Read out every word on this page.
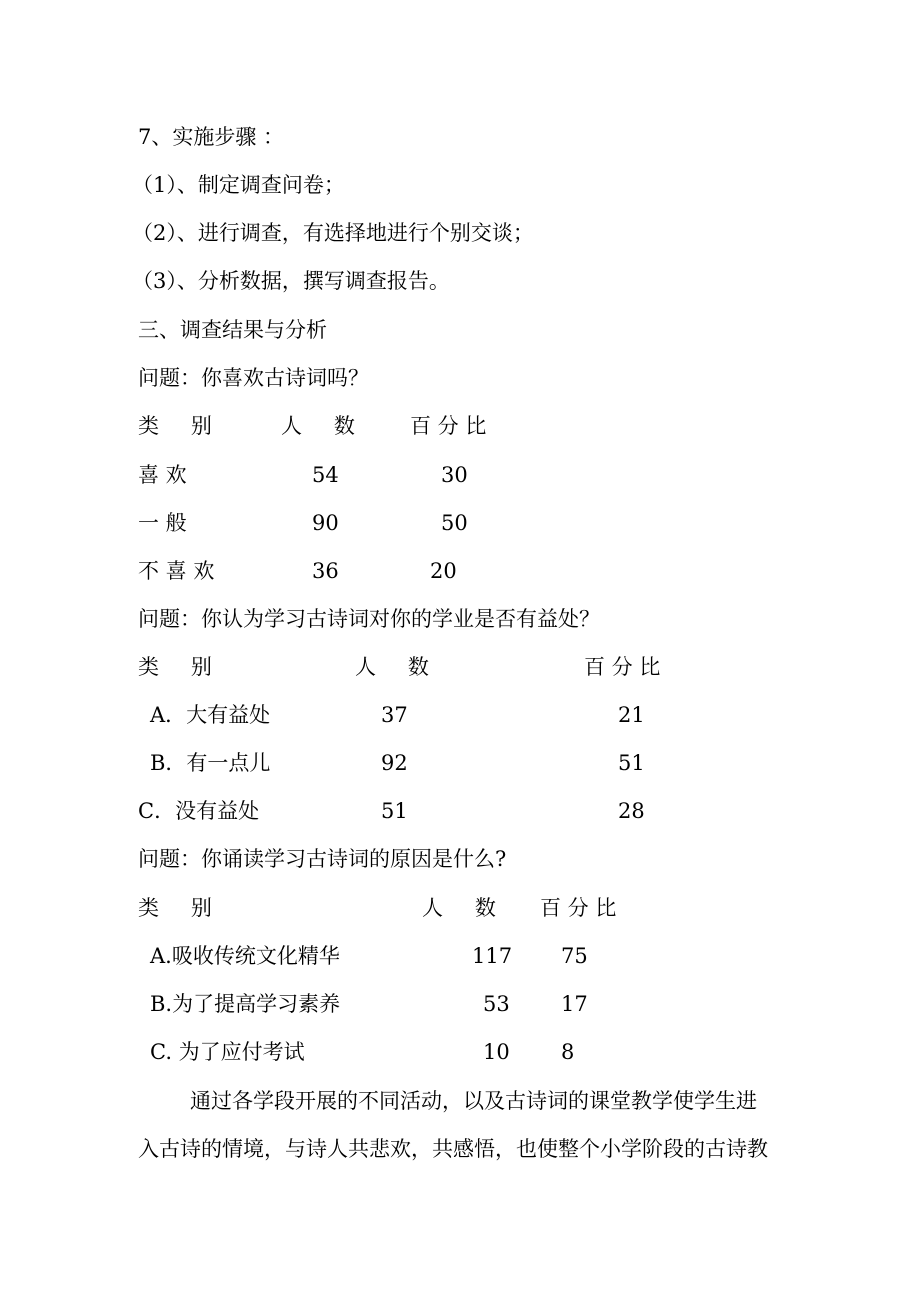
7、实施步骤 ：
（1）、制定调查问卷；
（2）、进行调查，有选择地进行个别交谈；
（3）、分析数据，撰写调查报告。
三、调查结果与分析
问题：你喜欢古诗词吗？
类 别	人 数 百 分 比
喜 欢	54	30
一 般	90	50
不 喜 欢	36	20
问题：你认为学习古诗词对你的学业是否有益处？
类 别	人 数	百 分 比
A．大有益处	37	21
B．有一点儿	92	51
C．没有益处	51	28
问题：你诵读学习古诗词的原因是什么?
类 别	人 数 百 分 比
A.吸收传统文化精华	117 75
B.为了提高学习素养	53 17
C. 为了应付考试	10 8
通过各学段开展的不同活动，以及古诗词的课堂教学使学生进
入古诗的情境，与诗人共悲欢，共感悟，也使整个小学阶段的古诗教
